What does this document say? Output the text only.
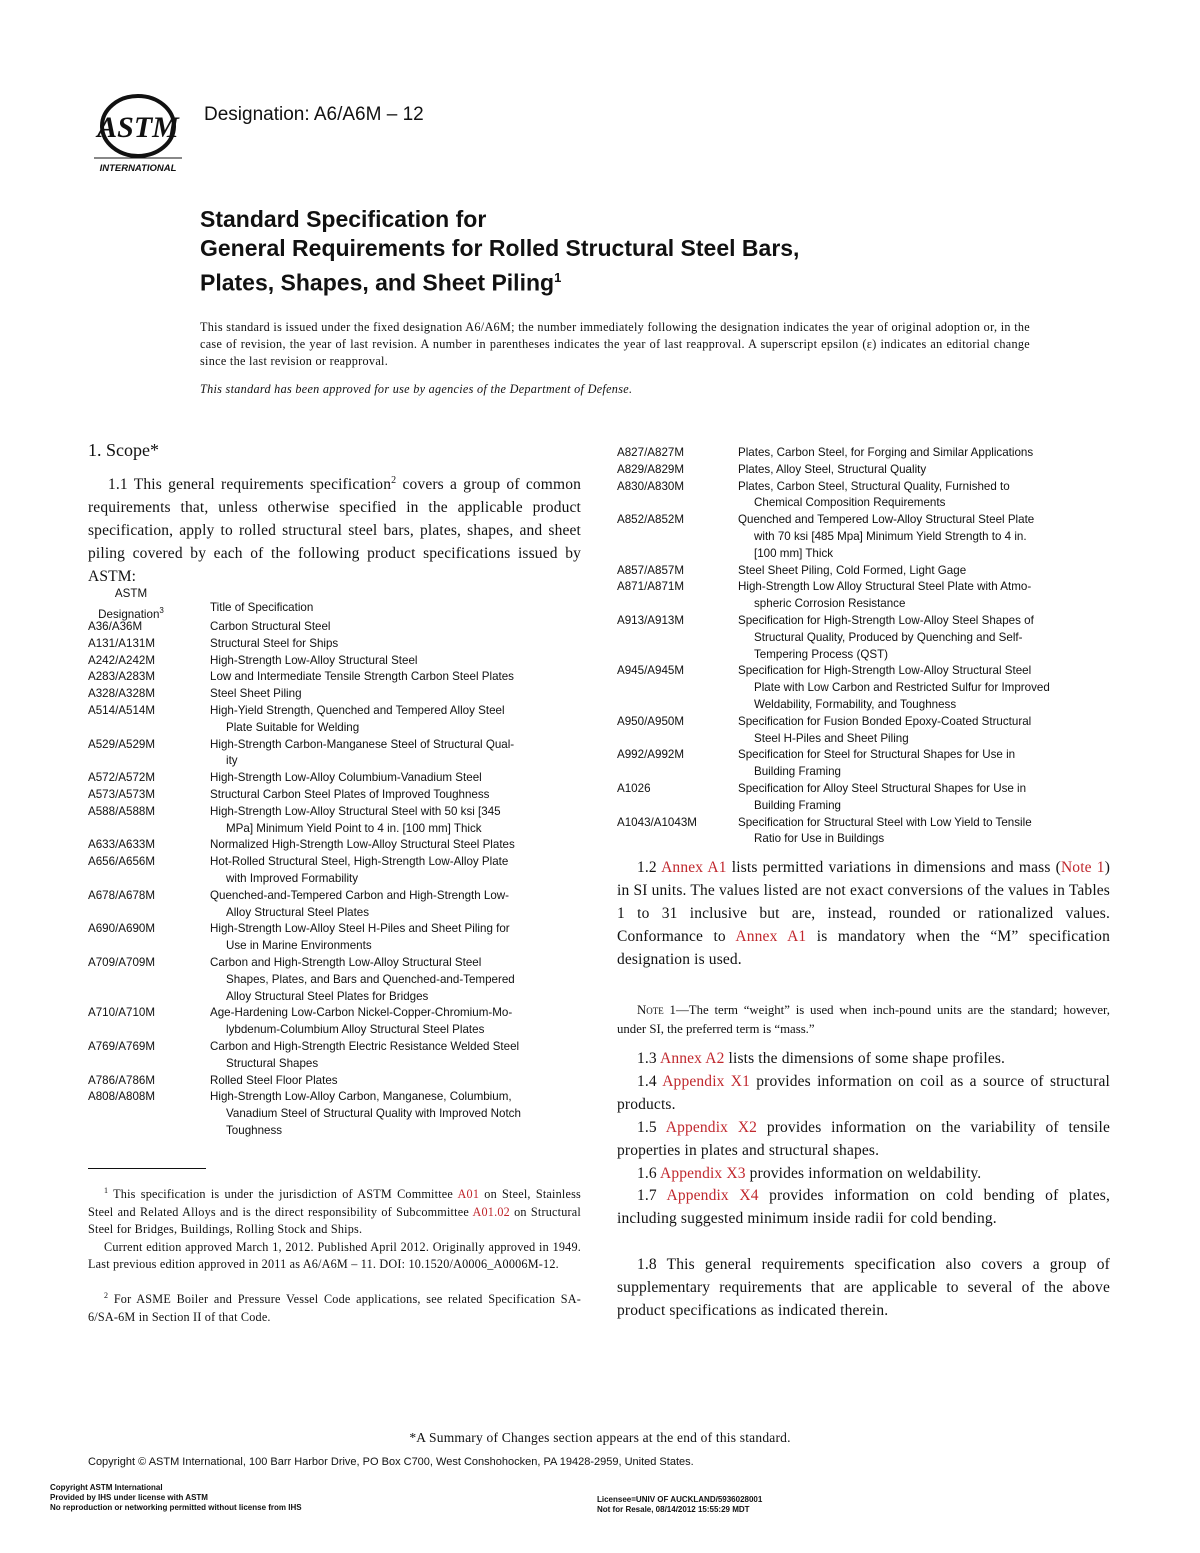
ASTM
INTERNATIONAL
Designation: A6/A6M – 12
Standard Specification for
General Requirements for Rolled Structural Steel Bars,
Plates, Shapes, and Sheet Piling$^1$
This standard is issued under the fixed designation A6/A6M; the number immediately following the designation indicates the year of original adoption or, in the case of revision, the year of last revision. A number in parentheses indicates the year of last reapproval. A superscript epsilon (ε) indicates an editorial change since the last revision or reapproval.
This standard has been approved for use by agencies of the Department of Defense.
1. Scope*
1.1 This general requirements specification$^2$ covers a group of common requirements that, unless otherwise specified in the applicable product specification, apply to rolled structural steel bars, plates, shapes, and sheet piling covered by each of the following product specifications issued by ASTM:
ASTM
Designation$^3$		Title of Specification
A36/A36M	Carbon Structural Steel

A131/A131M	Structural Steel for Ships

A242/A242M	High-Strength Low-Alloy Structural Steel

A283/A283M	Low and Intermediate Tensile Strength Carbon Steel Plates

A328/A328M	Steel Sheet Piling

A514/A514M	High-Yield Strength, Quenched and Tempered Alloy Steel
Plate Suitable for Welding

A529/A529M	High-Strength Carbon-Manganese Steel of Structural Qual-
ity

A572/A572M	High-Strength Low-Alloy Columbium-Vanadium Steel

A573/A573M	Structural Carbon Steel Plates of Improved Toughness

A588/A588M	High-Strength Low-Alloy Structural Steel with 50 ksi [345
MPa] Minimum Yield Point to 4 in. [100 mm] Thick

A633/A633M	Normalized High-Strength Low-Alloy Structural Steel Plates

A656/A656M	Hot-Rolled Structural Steel, High-Strength Low-Alloy Plate
with Improved Formability

A678/A678M	Quenched-and-Tempered Carbon and High-Strength Low-
Alloy Structural Steel Plates

A690/A690M	High-Strength Low-Alloy Steel H-Piles and Sheet Piling for
Use in Marine Environments

A709/A709M	Carbon and High-Strength Low-Alloy Structural Steel
Shapes, Plates, and Bars and Quenched-and-Tempered
Alloy Structural Steel Plates for Bridges

A710/A710M	Age-Hardening Low-Carbon Nickel-Copper-Chromium-Mo-
lybdenum-Columbium Alloy Structural Steel Plates

A769/A769M	Carbon and High-Strength Electric Resistance Welded Steel
Structural Shapes

A786/A786M	Rolled Steel Floor Plates

A808/A808M	High-Strength Low-Alloy Carbon, Manganese, Columbium,
Vanadium Steel of Structural Quality with Improved Notch
Toughness
A827/A827M	Plates, Carbon Steel, for Forging and Similar Applications

A829/A829M	Plates, Alloy Steel, Structural Quality

A830/A830M	Plates, Carbon Steel, Structural Quality, Furnished to
Chemical Composition Requirements

A852/A852M	Quenched and Tempered Low-Alloy Structural Steel Plate
with 70 ksi [485 Mpa] Minimum Yield Strength to 4 in.
[100 mm] Thick

A857/A857M	Steel Sheet Piling, Cold Formed, Light Gage

A871/A871M	High-Strength Low Alloy Structural Steel Plate with Atmo-
spheric Corrosion Resistance

A913/A913M	Specification for High-Strength Low-Alloy Steel Shapes of
Structural Quality, Produced by Quenching and Self-
Tempering Process (QST)

A945/A945M	Specification for High-Strength Low-Alloy Structural Steel
Plate with Low Carbon and Restricted Sulfur for Improved
Weldability, Formability, and Toughness

A950/A950M	Specification for Fusion Bonded Epoxy-Coated Structural
Steel H-Piles and Sheet Piling

A992/A992M	Specification for Steel for Structural Shapes for Use in
Building Framing

A1026	Specification for Alloy Steel Structural Shapes for Use in
Building Framing

A1043/A1043M	Specification for Structural Steel with Low Yield to Tensile
Ratio for Use in Buildings
$^1$ This specification is under the jurisdiction of ASTM Committee A01 on Steel, Stainless Steel and Related Alloys and is the direct responsibility of Subcommittee A01.02 on Structural Steel for Bridges, Buildings, Rolling Stock and Ships.
Current edition approved March 1, 2012. Published April 2012. Originally approved in 1949. Last previous edition approved in 2011 as A6/A6M – 11. DOI: 10.1520/A0006_A0006M-12.
$^2$ For ASME Boiler and Pressure Vessel Code applications, see related Specification SA-6/SA-6M in Section II of that Code.
1.2 Annex A1 lists permitted variations in dimensions and mass (Note 1) in SI units. The values listed are not exact conversions of the values in Tables 1 to 31 inclusive but are, instead, rounded or rationalized values. Conformance to Annex A1 is mandatory when the “M” specification designation is used.
Note 1—The term “weight” is used when inch-pound units are the standard; however, under SI, the preferred term is “mass.”
1.3 Annex A2 lists the dimensions of some shape profiles.
1.4 Appendix X1 provides information on coil as a source of structural products.
1.5 Appendix X2 provides information on the variability of tensile properties in plates and structural shapes.
1.6 Appendix X3 provides information on weldability.
1.7 Appendix X4 provides information on cold bending of plates, including suggested minimum inside radii for cold bending.
1.8 This general requirements specification also covers a group of supplementary requirements that are applicable to several of the above product specifications as indicated therein.
*A Summary of Changes section appears at the end of this standard.
Copyright © ASTM International, 100 Barr Harbor Drive, PO Box C700, West Conshohocken, PA 19428-2959, United States.
Copyright ASTM International
Provided by IHS under license with ASTM
No reproduction or networking permitted without license from IHS
Licensee=UNIV OF AUCKLAND/5936028001
Not for Resale, 08/14/2012 15:55:29 MDT
